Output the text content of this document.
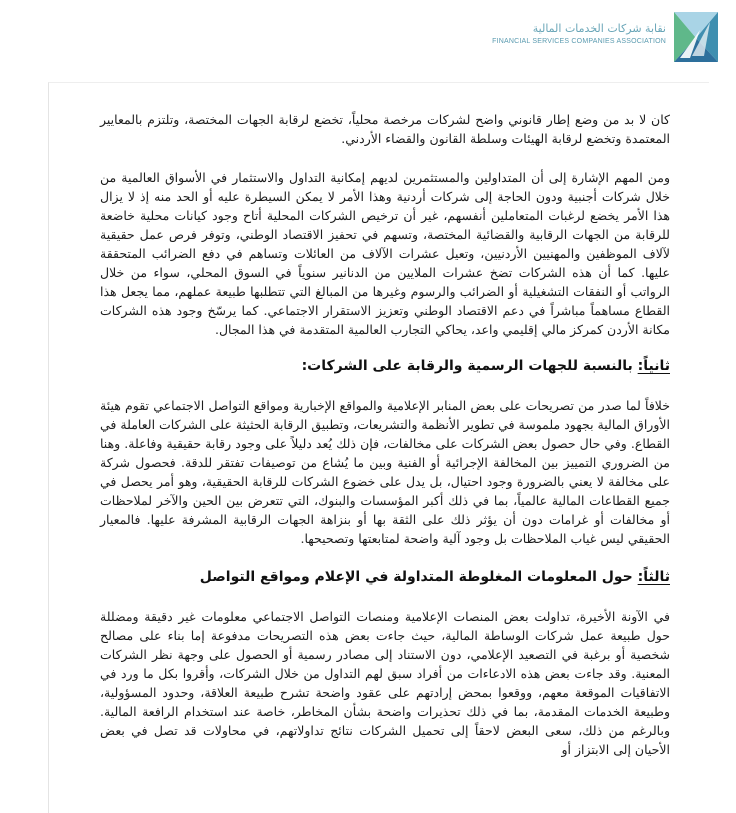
نقابة شركات الخدمات المالية
FINANCIAL SERVICES COMPANIES ASSOCIATION

كان لا بد من وضع إطار قانوني واضح لشركات مرخصة محلياً، تخضع لرقابة الجهات المختصة، وتلتزم بالمعايير المعتمدة وتخضع لرقابة الهيئات وسلطة القانون والقضاء الأردني.

ومن المهم الإشارة إلى أن المتداولين والمستثمرين لديهم إمكانية التداول والاستثمار في الأسواق العالمية من خلال شركات أجنبية ودون الحاجة إلى شركات أردنية وهذا الأمر لا يمكن السيطرة عليه أو الحد منه إذ لا يزال هذا الأمر يخضع لرغبات المتعاملين أنفسهم، غير أن ترخيص الشركات المحلية أتاح وجود كيانات محلية خاضعة للرقابة من الجهات الرقابية والقضائية المختصة، وتسهم في تحفيز الاقتصاد الوطني، وتوفر فرص عمل حقيقية لآلاف الموظفين والمهنيين الأردنيين، وتعيل عشرات الآلاف من العائلات وتساهم في دفع الضرائب المتحققة عليها. كما أن هذه الشركات تضخ عشرات الملايين من الدنانير سنوياً في السوق المحلي، سواء من خلال الرواتب أو النفقات التشغيلية أو الضرائب والرسوم وغيرها من المبالغ التي تتطلبها طبيعة عملهم، مما يجعل هذا القطاع مساهماً مباشراً في دعم الاقتصاد الوطني وتعزيز الاستقرار الاجتماعي. كما يرسّخ وجود هذه الشركات مكانة الأردن كمركز مالي إقليمي واعد، يحاكي التجارب العالمية المتقدمة في هذا المجال.

ثانياً: بالنسبة للجهات الرسمية والرقابة على الشركات:

خلافاً لما صدر من تصريحات على بعض المنابر الإعلامية والمواقع الإخبارية ومواقع التواصل الاجتماعي تقوم هيئة الأوراق المالية بجهود ملموسة في تطوير الأنظمة والتشريعات، وتطبيق الرقابة الحثيثة على الشركات العاملة في القطاع. وفي حال حصول بعض الشركات على مخالفات، فإن ذلك يُعد دليلاً على وجود رقابة حقيقية وفاعلة. وهنا من الضروري التمييز بين المخالفة الإجرائية أو الفنية وبين ما يُشاع من توصيفات تفتقر للدقة. فحصول شركة على مخالفة لا يعني بالضرورة وجود احتيال، بل يدل على خضوع الشركات للرقابة الحقيقية، وهو أمر يحصل في جميع القطاعات المالية عالمياً، بما في ذلك أكبر المؤسسات والبنوك، التي تتعرض بين الحين والآخر لملاحظات أو مخالفات أو غرامات دون أن يؤثر ذلك على الثقة بها أو بنزاهة الجهات الرقابية المشرفة عليها. فالمعيار الحقيقي ليس غياب الملاحظات بل وجود آلية واضحة لمتابعتها وتصحيحها.

ثالثاً: حول المعلومات المغلوطة المتداولة في الإعلام ومواقع التواصل

في الآونة الأخيرة، تداولت بعض المنصات الإعلامية ومنصات التواصل الاجتماعي معلومات غير دقيقة ومضللة حول طبيعة عمل شركات الوساطة المالية، حيث جاءت بعض هذه التصريحات مدفوعة إما بناء على مصالح شخصية أو برغبة في التصعيد الإعلامي، دون الاستناد إلى مصادر رسمية أو الحصول على وجهة نظر الشركات المعنية. وقد جاءت بعض هذه الادعاءات من أفراد سبق لهم التداول من خلال الشركات، وأقروا بكل ما ورد في الاتفاقيات الموقعة معهم، ووقعوا بمحض إرادتهم على عقود واضحة تشرح طبيعة العلاقة، وحدود المسؤولية، وطبيعة الخدمات المقدمة، بما في ذلك تحذيرات واضحة بشأن المخاطر، خاصة عند استخدام الرافعة المالية. وبالرغم من ذلك، سعى البعض لاحقاً إلى تحميل الشركات نتائج تداولاتهم، في محاولات قد تصل في بعض الأحيان إلى الابتزاز أو
